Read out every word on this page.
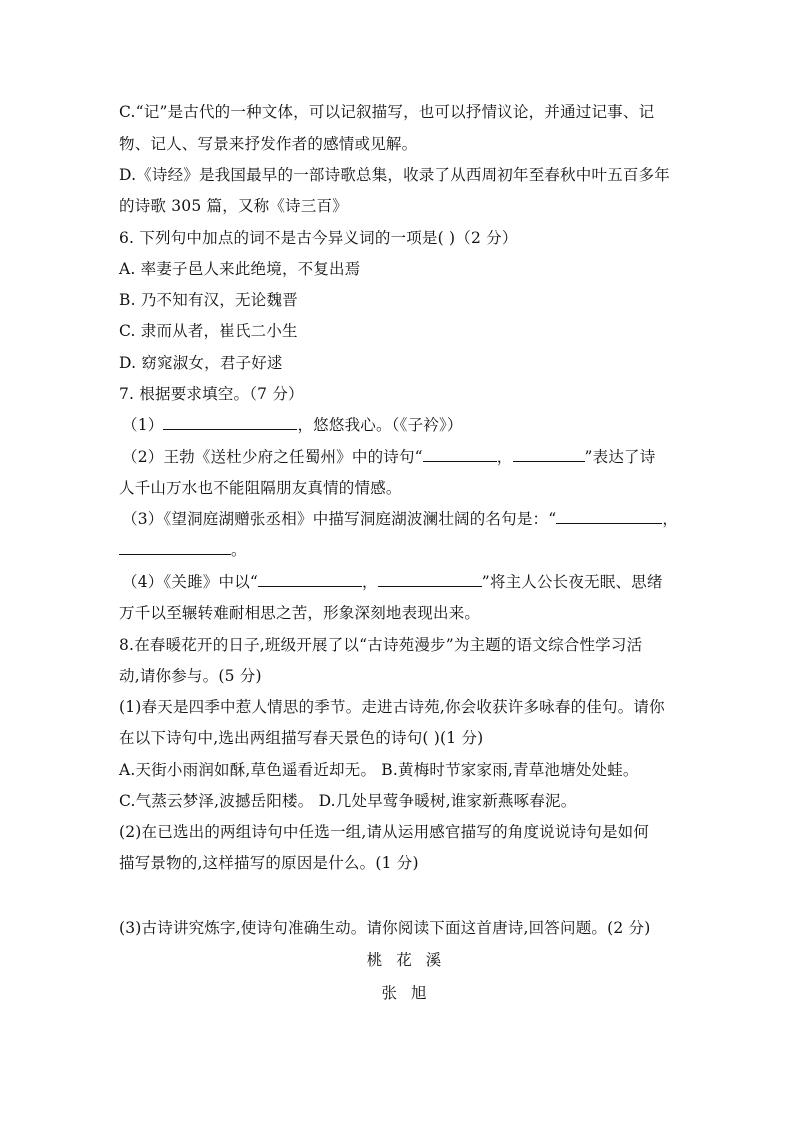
C.“记”是古代的一种文体，可以记叙描写，也可以抒情议论，并通过记事、记
物、记人、写景来抒发作者的感情或见解。
D.《诗经》是我国最早的一部诗歌总集，收录了从西周初年至春秋中叶五百多年
的诗歌 305 篇，又称《诗三百》
6. 下列句中加点的词不是古今异义词的一项是( )（2 分）
A. 率妻子邑人来此绝境，不复出焉
B. 乃不知有汉，无论魏晋
C. 隶而从者，崔氏二小生
D. 窈窕淑女，君子好逑
7. 根据要求填空。（7 分）
（1）	，悠悠我心。（《子衿》）
（2）王勃《送杜少府之任蜀州》中的诗句“	，	”表达了诗
人千山万水也不能阻隔朋友真情的情感。
（3）《望洞庭湖赠张丞相》中描写洞庭湖波澜壮阔的名句是：“	，
。
（4）《关雎》中以“	，	”将主人公长夜无眠、思绪
万千以至辗转难耐相思之苦，形象深刻地表现出来。
8.在春暖花开的日子,班级开展了以“古诗苑漫步”为主题的语文综合性学习活
动,请你参与。(5 分)
(1)春天是四季中惹人情思的季节。走进古诗苑,你会收获许多咏春的佳句。请你
在以下诗句中,选出两组描写春天景色的诗句( )(1 分)
A.天街小雨润如酥,草色遥看近却无。 B.黄梅时节家家雨,青草池塘处处蛙。
C.气蒸云梦泽,波撼岳阳楼。 D.几处早莺争暖树,谁家新燕啄春泥。
(2)在已选出的两组诗句中任选一组,请从运用感官描写的角度说说诗句是如何
描写景物的,这样描写的原因是什么。(1 分)
(3)古诗讲究炼字,使诗句准确生动。请你阅读下面这首唐诗,回答问题。(2 分)
桃花溪
张旭
